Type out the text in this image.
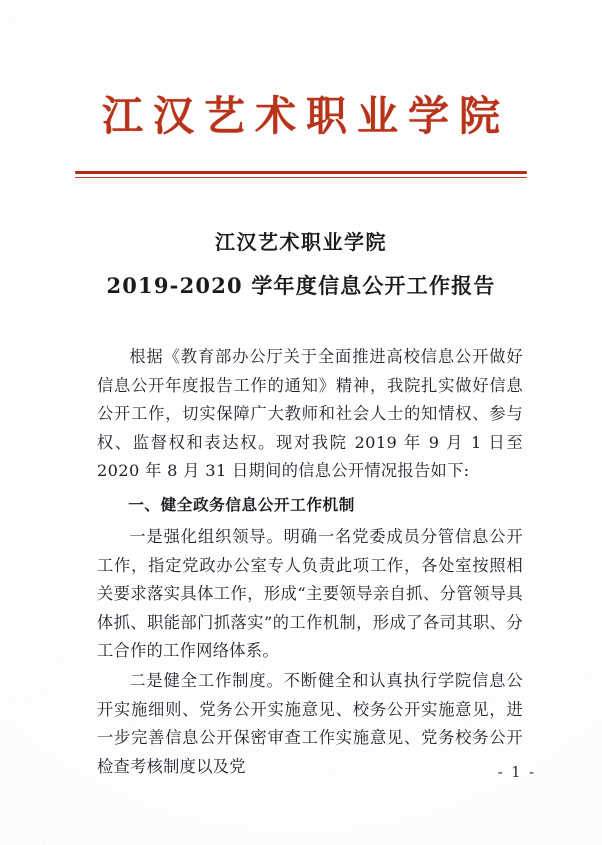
江汉艺术职业学院
江汉艺术职业学院
2019-2020 学年度信息公开工作报告

根据《教育部办公厅关于全面推进高校信息公开做好信息公开年度报告工作的通知》精神，我院扎实做好信息公开工作，切实保障广大教师和社会人士的知情权、参与权、监督权和表达权。现对我院 2019 年 9 月 1 日至 2020 年 8 月 31 日期间的信息公开情况报告如下:

一、健全政务信息公开工作机制

一是强化组织领导。明确一名党委成员分管信息公开工作，指定党政办公室专人负责此项工作，各处室按照相关要求落实具体工作，形成“主要领导亲自抓、分管领导具体抓、职能部门抓落实”的工作机制，形成了各司其职、分工合作的工作网络体系。

二是健全工作制度。不断健全和认真执行学院信息公开实施细则、党务公开实施意见、校务公开实施意见，进一步完善信息公开保密审查工作实施意见、党务校务公开检查考核制度以及党	- 1 -
